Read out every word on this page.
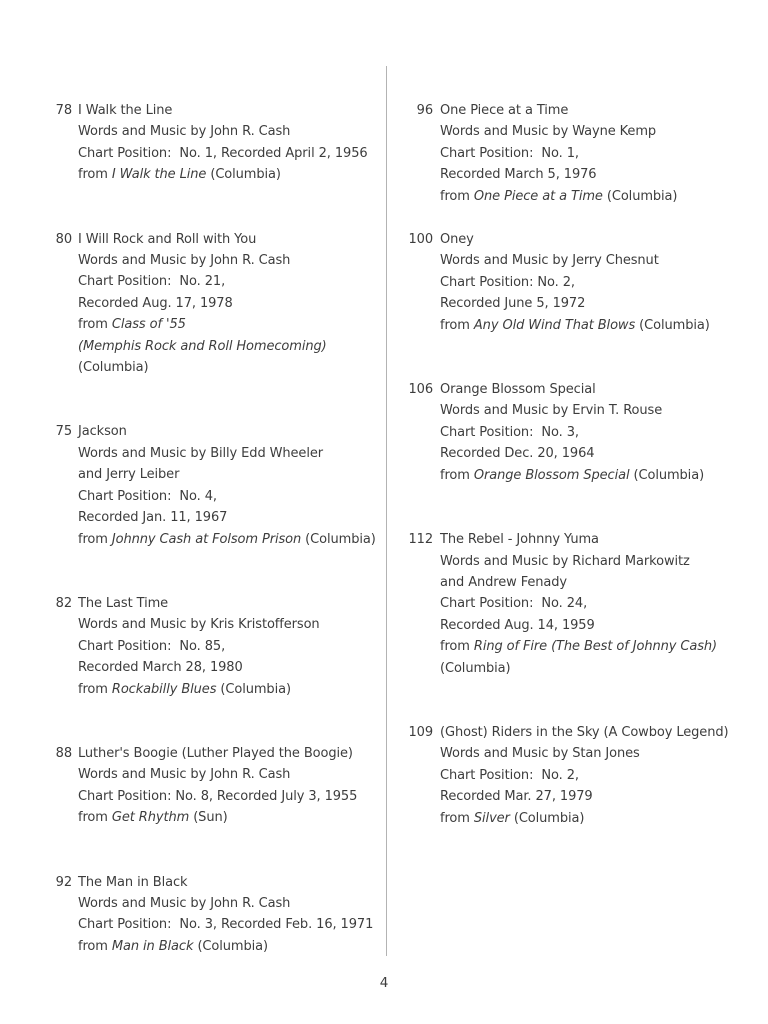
78 I Walk the Line
Words and Music by John R. Cash
Chart Position:  No. 1, Recorded April 2, 1956
from I Walk the Line (Columbia)
80 I Will Rock and Roll with You
Words and Music by John R. Cash
Chart Position:  No. 21,
Recorded Aug. 17, 1978
from Class of '55
(Memphis Rock and Roll Homecoming)
(Columbia)
75 Jackson
Words and Music by Billy Edd Wheeler
and Jerry Leiber
Chart Position:  No. 4,
Recorded Jan. 11, 1967
from Johnny Cash at Folsom Prison (Columbia)
82 The Last Time
Words and Music by Kris Kristofferson
Chart Position:  No. 85,
Recorded March 28, 1980
from Rockabilly Blues (Columbia)
88 Luther's Boogie (Luther Played the Boogie)
Words and Music by John R. Cash
Chart Position: No. 8, Recorded July 3, 1955
from Get Rhythm (Sun)
92 The Man in Black
Words and Music by John R. Cash
Chart Position:  No. 3, Recorded Feb. 16, 1971
from Man in Black (Columbia)
96 One Piece at a Time
Words and Music by Wayne Kemp
Chart Position:  No. 1,
Recorded March 5, 1976
from One Piece at a Time (Columbia)
100 Oney
Words and Music by Jerry Chesnut
Chart Position: No. 2,
Recorded June 5, 1972
from Any Old Wind That Blows (Columbia)
106 Orange Blossom Special
Words and Music by Ervin T. Rouse
Chart Position:  No. 3,
Recorded Dec. 20, 1964
from Orange Blossom Special (Columbia)
112 The Rebel - Johnny Yuma
Words and Music by Richard Markowitz
and Andrew Fenady
Chart Position:  No. 24,
Recorded Aug. 14, 1959
from Ring of Fire (The Best of Johnny Cash)
(Columbia)
109 (Ghost) Riders in the Sky (A Cowboy Legend)
Words and Music by Stan Jones
Chart Position:  No. 2,
Recorded Mar. 27, 1979
from Silver (Columbia)
4
